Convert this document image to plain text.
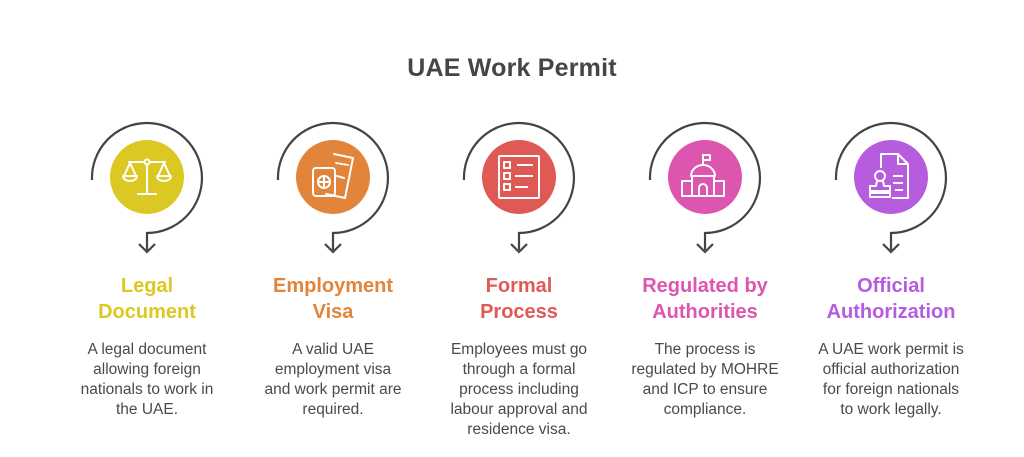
UAE Work Permit
Legal
Document
A legal document
allowing foreign
nationals to work in
the UAE.
Employment
Visa
A valid UAE
employment visa
and work permit are
required.
Formal
Process
Employees must go
through a formal
process including
labour approval and
residence visa.
Regulated by
Authorities
The process is
regulated by MOHRE
and ICP to ensure
compliance.
Official
Authorization
A UAE work permit is
official authorization
for foreign nationals
to work legally.
